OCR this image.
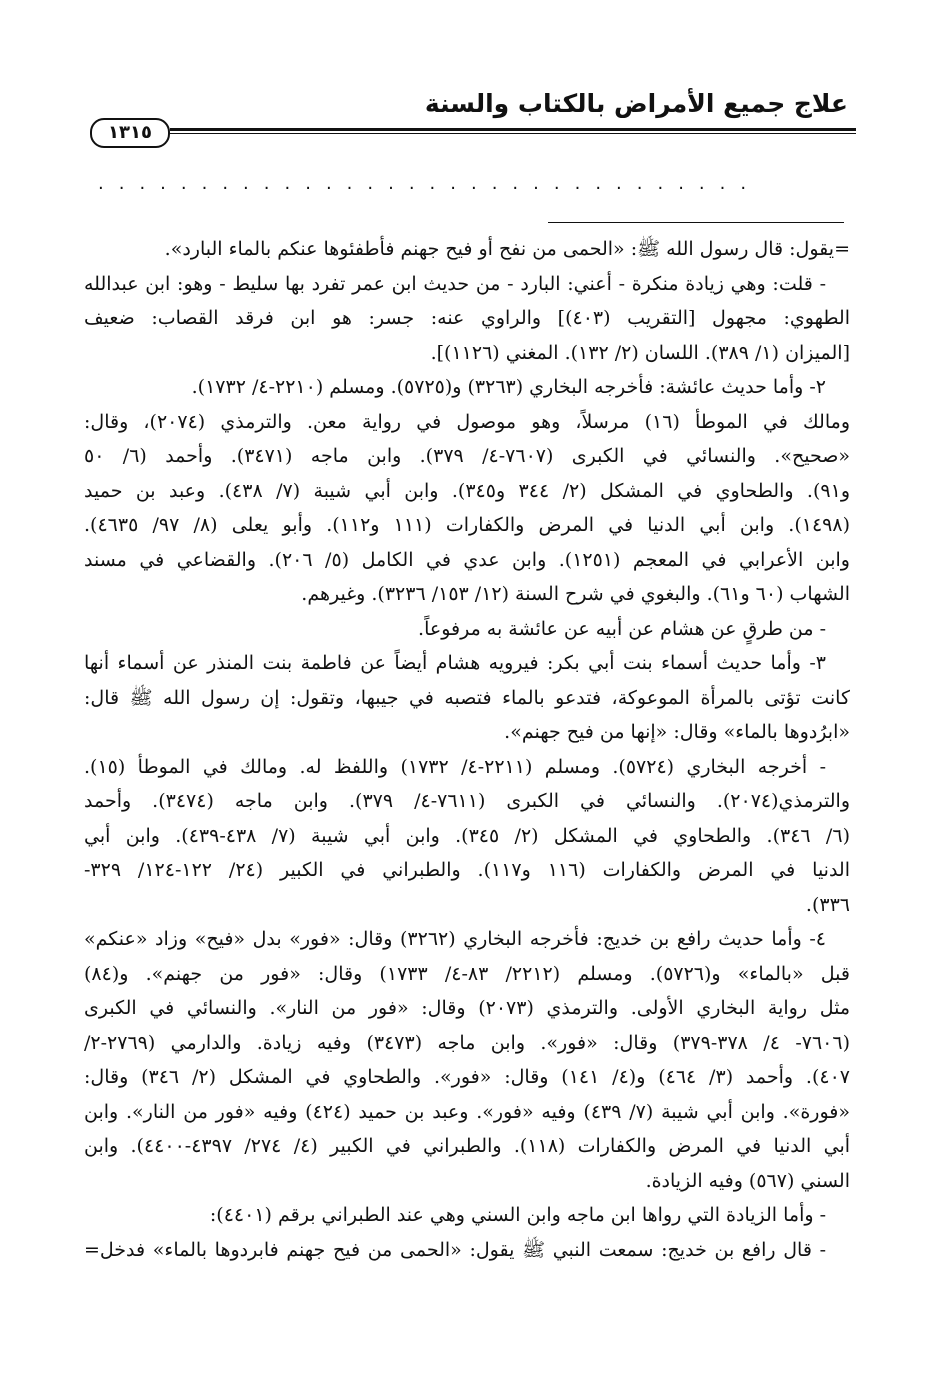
علاج جميع الأمراض بالكتاب والسنة
١٣١٥
................................
=يقول: قال رسول الله ﷺ: «الحمى من نفح أو فيح جهنم فأطفئوها عنكم بالماء البارد».
- قلت: وهي زيادة منكرة - أعني: البارد - من حديث ابن عمر تفرد بها سليط - وهو: ابن عبدالله
الطهوي: مجهول [التقريب (٤٠٣)] والراوي عنه: جسر: هو ابن فرقد القصاب: ضعيف
[الميزان (١/ ٣٨٩). اللسان (٢/ ١٣٢). المغني (١١٢٦)].
٢- وأما حديث عائشة: فأخرجه البخاري (٣٢٦٣) و(٥٧٢٥). ومسلم (٢٢١٠-٤/ ١٧٣٢).
ومالك في الموطأ (١٦) مرسلاً، وهو موصول في رواية معن. والترمذي (٢٠٧٤)، وقال:
«صحيح». والنسائي في الكبرى (٧٦٠٧-٤/ ٣٧٩). وابن ماجه (٣٤٧١). وأحمد (٦/ ٥٠
و٩١). والطحاوي في المشكل (٢/ ٣٤٤ و٣٤٥). وابن أبي شيبة (٧/ ٤٣٨). وعبد بن حميد
(١٤٩٨). وابن أبي الدنيا في المرض والكفارات (١١١ و١١٢). وأبو يعلى (٨/ ٩٧/ ٤٦٣٥).
وابن الأعرابي في المعجم (١٢٥١). وابن عدي في الكامل (٥/ ٢٠٦). والقضاعي في مسند
الشهاب (٦٠ و٦١). والبغوي في شرح السنة (١٢/ ١٥٣/ ٣٢٣٦). وغيرهم.
- من طرقٍ عن هشام عن أبيه عن عائشة به مرفوعاً.
٣- وأما حديث أسماء بنت أبي بكر: فيرويه هشام أيضاً عن فاطمة بنت المنذر عن أسماء أنها
كانت تؤتى بالمرأة الموعوكة، فتدعو بالماء فتصبه في جيبها، وتقول: إن رسول الله ﷺ قال:
«ابرُدوها بالماء» وقال: «إنها من فيح جهنم».
- أخرجه البخاري (٥٧٢٤). ومسلم (٢٢١١-٤/ ١٧٣٢) واللفظ له. ومالك في الموطأ (١٥).
والترمذي(٢٠٧٤). والنسائي في الكبرى (٧٦١١-٤/ ٣٧٩). وابن ماجه (٣٤٧٤). وأحمد
(٦/ ٣٤٦). والطحاوي في المشكل (٢/ ٣٤٥). وابن أبي شيبة (٧/ ٤٣٨-٤٣٩). وابن أبي
الدنيا في المرض والكفارات (١١٦ و١١٧). والطبراني في الكبير (٢٤/ ١٢٢-١٢٤/ ٣٢٩-
٣٣٦).
٤- وأما حديث رافع بن خديج: فأخرجه البخاري (٣٢٦٢) وقال: «فور» بدل «فيح» وزاد «عنكم»
قبل «بالماء» و(٥٧٢٦). ومسلم (٢٢١٢/ ٨٣-٤/ ١٧٣٣) وقال: «فور من جهنم». و(٨٤)
مثل رواية البخاري الأولى. والترمذي (٢٠٧٣) وقال: «فور من النار». والنسائي في الكبرى
(٧٦٠٦- ٤/ ٣٧٨-٣٧٩) وقال: «فور». وابن ماجه (٣٤٧٣) وفيه زيادة. والدارمي (٢٧٦٩-٢/
٤٠٧). وأحمد (٣/ ٤٦٤) و(٤/ ١٤١) وقال: «فور». والطحاوي في المشكل (٢/ ٣٤٦) وقال:
«فورة». وابن أبي شيبة (٧/ ٤٣٩) وفيه «فور». وعبد بن حميد (٤٢٤) وفيه «فور من النار». وابن
أبي الدنيا في المرض والكفارات (١١٨). والطبراني في الكبير (٤/ ٢٧٤/ ٤٣٩٧-٤٤٠٠). وابن
السني (٥٦٧) وفيه الزيادة.
- وأما الزيادة التي رواها ابن ماجه وابن السني وهي عند الطبراني برقم (٤٤٠١):
- قال رافع بن خديج: سمعت النبي ﷺ يقول: «الحمى من فيح جهنم فابردوها بالماء» فدخل=
